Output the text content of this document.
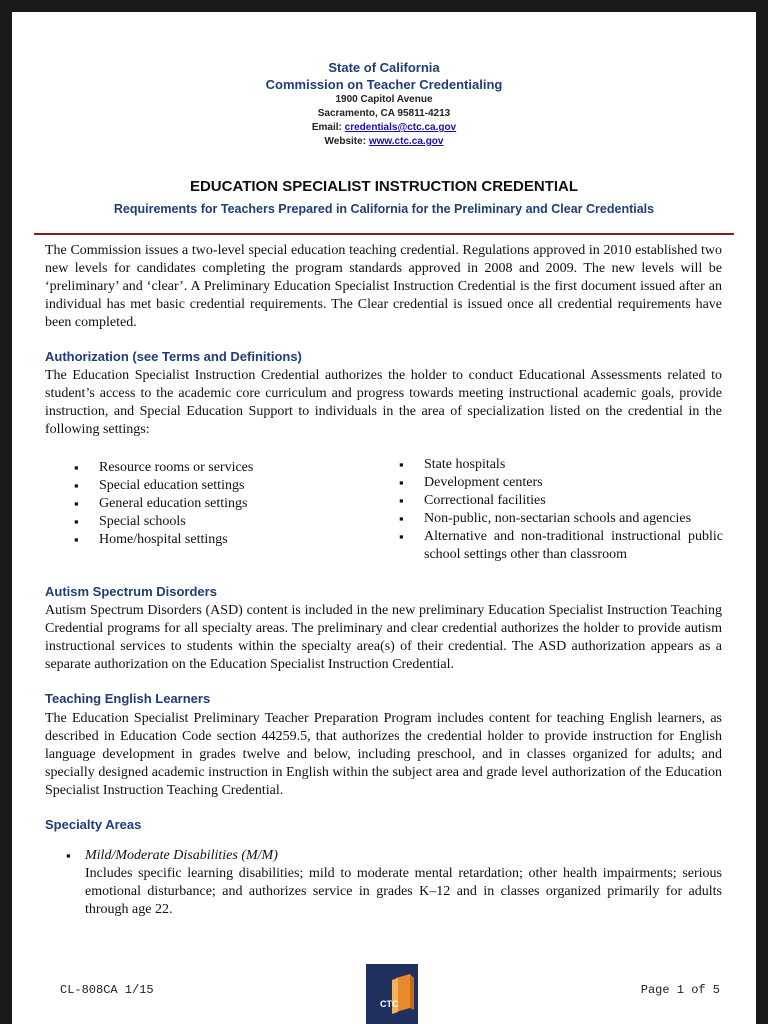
State of California
Commission on Teacher Credentialing
1900 Capitol Avenue
Sacramento, CA 95811-4213
Email: credentials@ctc.ca.gov
Website: www.ctc.ca.gov
EDUCATION SPECIALIST INSTRUCTION CREDENTIAL
Requirements for Teachers Prepared in California for the Preliminary and Clear Credentials

The Commission issues a two-level special education teaching credential. Regulations approved in 2010 established two new levels for candidates completing the program standards approved in 2008 and 2009. The new levels will be ‘preliminary’ and ‘clear’. A Preliminary Education Specialist Instruction Credential is the first document issued after an individual has met basic credential requirements. The Clear credential is issued once all credential requirements have been completed.

Authorization (see Terms and Definitions)

The Education Specialist Instruction Credential authorizes the holder to conduct Educational Assessments related to student’s access to the academic core curriculum and progress towards meeting instructional academic goals, provide instruction, and Special Education Support to individuals in the area of specialization listed on the credential in the following settings:

▪ Resource rooms or services
▪ Special education settings
▪ General education settings
▪ Special schools
▪ Home/hospital settings
▪ State hospitals
▪ Development centers
▪ Correctional facilities
▪ Non-public, non-sectarian schools and agencies
▪ Alternative and non-traditional instructional public school settings other than classroom
Autism Spectrum Disorders

Autism Spectrum Disorders (ASD) content is included in the new preliminary Education Specialist Instruction Teaching Credential programs for all specialty areas. The preliminary and clear credential authorizes the holder to provide autism instructional services to students within the specialty area(s) of their credential. The ASD authorization appears as a separate authorization on the Education Specialist Instruction Credential.

Teaching English Learners

The Education Specialist Preliminary Teacher Preparation Program includes content for teaching English learners, as described in Education Code section 44259.5, that authorizes the credential holder to provide instruction for English language development in grades twelve and below, including preschool, and in classes organized for adults; and specially designed academic instruction in English within the subject area and grade level authorization of the Education Specialist Instruction Teaching Credential.

Specialty Areas
▪ Mild/Moderate Disabilities (M/M)
Includes specific learning disabilities; mild to moderate mental retardation; other health impairments; serious emotional disturbance; and authorizes service in grades K–12 and in classes organized primarily for adults through age 22.
CL-808CA 1/15	Page 1 of 5
CTC
